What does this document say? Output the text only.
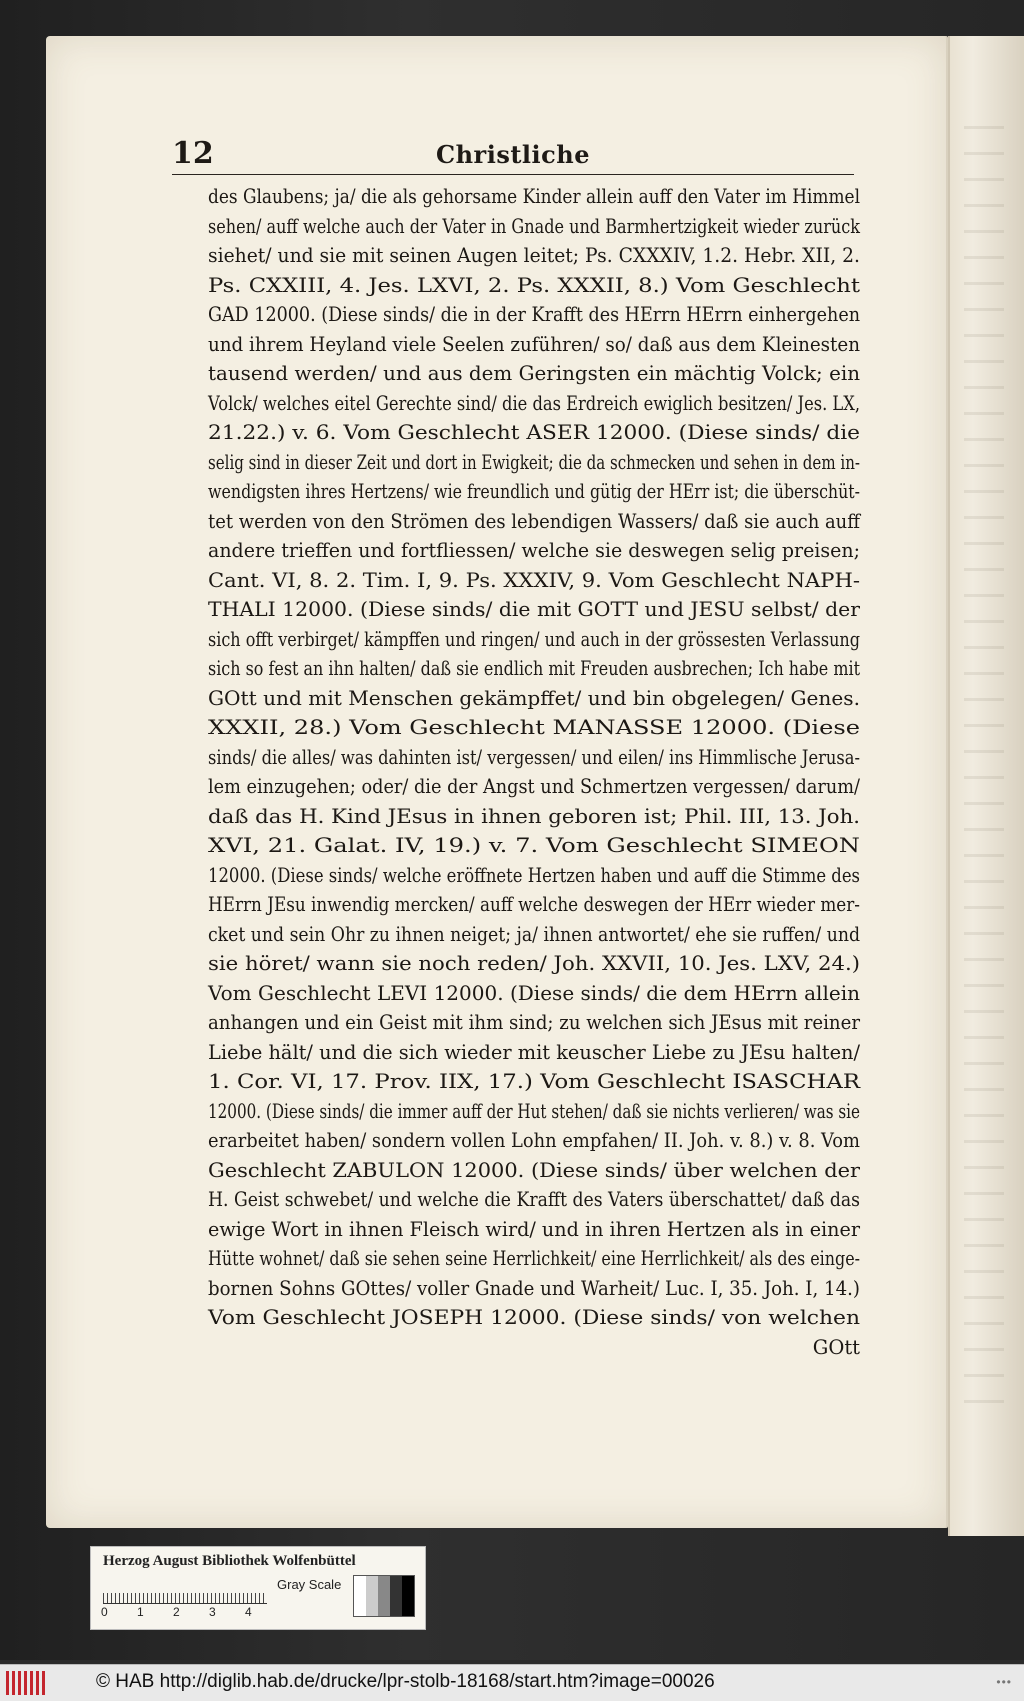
12	Christliche
des Glaubens; ja/ die als gehorsame Kinder allein auff den Vater im Himmel
sehen/ auff welche auch der Vater in Gnade und Barmhertzigkeit wieder zurück
siehet/ und sie mit seinen Augen leitet; Ps. CXXXIV, 1.2. Hebr. XII, 2.
Ps. CXXIII, 4. Jes. LXVI, 2. Ps. XXXII, 8.) Vom Geschlecht
GAD 12000. (Diese sinds/ die in der Krafft des HErrn HErrn einhergehen
und ihrem Heyland viele Seelen zuführen/ so/ daß aus dem Kleinesten
tausend werden/ und aus dem Geringsten ein mächtig Volck; ein
Volck/ welches eitel Gerechte sind/ die das Erdreich ewiglich besitzen/ Jes. LX,
21.22.) v. 6. Vom Geschlecht ASER 12000. (Diese sinds/ die
selig sind in dieser Zeit und dort in Ewigkeit; die da schmecken und sehen in dem in-
wendigsten ihres Hertzens/ wie freundlich und gütig der HErr ist; die überschüt-
tet werden von den Strömen des lebendigen Wassers/ daß sie auch auff
andere trieffen und fortfliessen/ welche sie deswegen selig preisen;
Cant. VI, 8. 2. Tim. I, 9. Ps. XXXIV, 9. Vom Geschlecht NAPH-
THALI 12000. (Diese sinds/ die mit GOTT und JESU selbst/ der
sich offt verbirget/ kämpffen und ringen/ und auch in der grössesten Verlassung
sich so fest an ihn halten/ daß sie endlich mit Freuden ausbrechen; Ich habe mit
GOtt und mit Menschen gekämpffet/ und bin obgelegen/ Genes.
XXXII, 28.) Vom Geschlecht MANASSE 12000. (Diese
sinds/ die alles/ was dahinten ist/ vergessen/ und eilen/ ins Himmlische Jerusa-
lem einzugehen; oder/ die der Angst und Schmertzen vergessen/ darum/
daß das H. Kind JEsus in ihnen geboren ist; Phil. III, 13. Joh.
XVI, 21. Galat. IV, 19.) v. 7. Vom Geschlecht SIMEON
12000. (Diese sinds/ welche eröffnete Hertzen haben und auff die Stimme des
HErrn JEsu inwendig mercken/ auff welche deswegen der HErr wieder mer-
cket und sein Ohr zu ihnen neiget; ja/ ihnen antwortet/ ehe sie ruffen/ und
sie höret/ wann sie noch reden/ Joh. XXVII, 10. Jes. LXV, 24.)
Vom Geschlecht LEVI 12000. (Diese sinds/ die dem HErrn allein
anhangen und ein Geist mit ihm sind; zu welchen sich JEsus mit reiner
Liebe hält/ und die sich wieder mit keuscher Liebe zu JEsu halten/
1. Cor. VI, 17. Prov. IIX, 17.) Vom Geschlecht ISASCHAR
12000. (Diese sinds/ die immer auff der Hut stehen/ daß sie nichts verlieren/ was sie
erarbeitet haben/ sondern vollen Lohn empfahen/ II. Joh. v. 8.) v. 8. Vom
Geschlecht ZABULON 12000. (Diese sinds/ über welchen der
H. Geist schwebet/ und welche die Krafft des Vaters überschattet/ daß das
ewige Wort in ihnen Fleisch wird/ und in ihren Hertzen als in einer
Hütte wohnet/ daß sie sehen seine Herrlichkeit/ eine Herrlichkeit/ als des einge-
bornen Sohns GOttes/ voller Gnade und Warheit/ Luc. I, 35. Joh. I, 14.)
Vom Geschlecht JOSEPH 12000. (Diese sinds/ von welchen
GOtt
Herzog August Bibliothek Wolfenbüttel
0 1 2 3 4
Gray Scale
© HAB http://diglib.hab.de/drucke/lpr-stolb-18168/start.htm?image=00026	•••
